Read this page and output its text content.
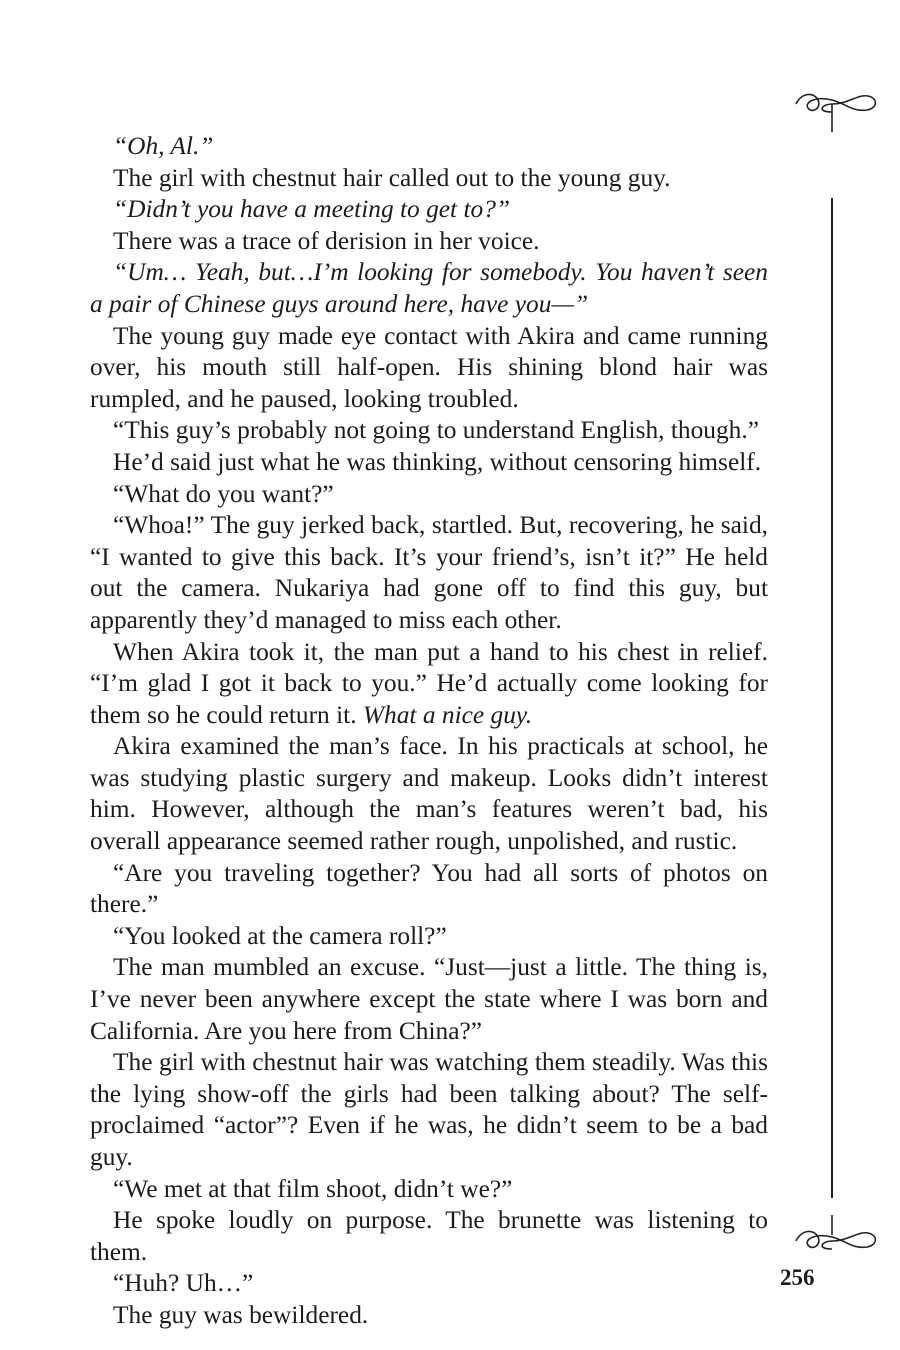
“Oh, Al.”

The girl with chestnut hair called out to the young guy.

“Didn’t you have a meeting to get to?”

There was a trace of derision in her voice.

“Um… Yeah, but…I’m looking for somebody. You haven’t seen a pair of Chinese guys around here, have you—”

The young guy made eye contact with Akira and came running over, his mouth still half-open. His shining blond hair was rumpled, and he paused, looking troubled.

“This guy’s probably not going to understand English, though.”

He’d said just what he was thinking, without censoring himself.

“What do you want?”

“Whoa!” The guy jerked back, startled. But, recovering, he said, “I wanted to give this back. It’s your friend’s, isn’t it?” He held out the camera. Nukariya had gone off to find this guy, but apparently they’d managed to miss each other.

When Akira took it, the man put a hand to his chest in relief. “I’m glad I got it back to you.” He’d actually come looking for them so he could return it. What a nice guy.

Akira examined the man’s face. In his practicals at school, he was studying plastic surgery and makeup. Looks didn’t interest him. However, although the man’s features weren’t bad, his overall appearance seemed rather rough, unpolished, and rustic.

“Are you traveling together? You had all sorts of photos on there.”

“You looked at the camera roll?”

The man mumbled an excuse. “Just—just a little. The thing is, I’ve never been anywhere except the state where I was born and California. Are you here from China?”

The girl with chestnut hair was watching them steadily. Was this the lying show-off the girls had been talking about? The self-proclaimed “actor”? Even if he was, he didn’t seem to be a bad guy.

“We met at that film shoot, didn’t we?”

He spoke loudly on purpose. The brunette was listening to them.

“Huh? Uh…”

The guy was bewildered.

256
